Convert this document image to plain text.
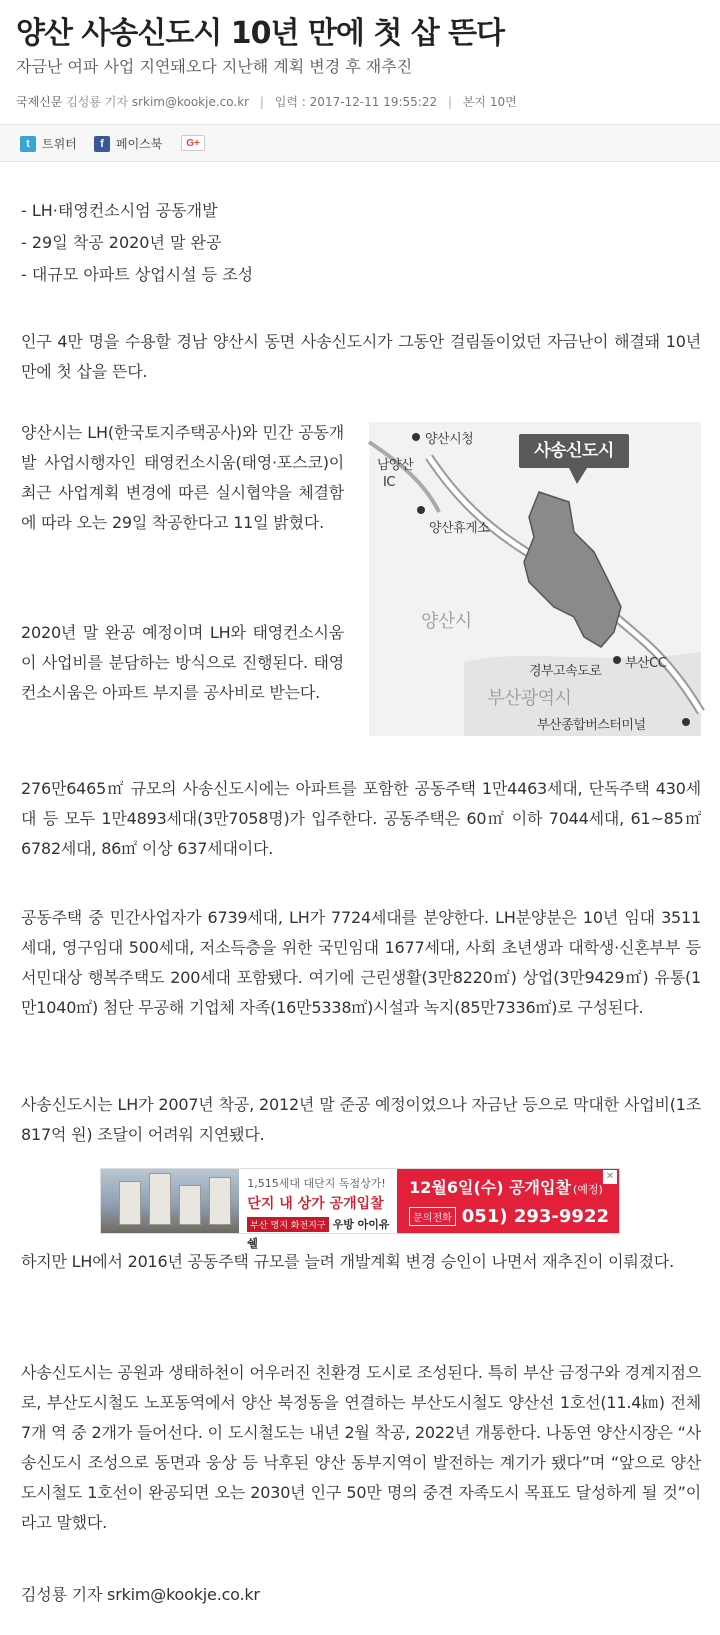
양산 사송신도시 10년 만에 첫 삽 뜬다
자금난 여파 사업 지연돼오다 지난해 계획 변경 후 재추진
국제신문 김성룡 기자 srkim@kookje.co.kr | 입력 : 2017-12-11 19:55:22 | 본지 10면
t	트위터	f	페이스북	G+
- LH·태영컨소시엄 공동개발
- 29일 착공 2020년 말 완공
- 대규모 아파트 상업시설 등 조성
인구 4만 명을 수용할 경남 양산시 동면 사송신도시가 그동안 걸림돌이었던 자금난이 해결돼 10년 만에 첫 삽을 뜬다.
양산시는 LH(한국토지주택공사)와 민간 공동개발 사업시행자인 태영컨소시움(태영·포스코)이 최근 사업계획 변경에 따른 실시협약을 체결함에 따라 오는 29일 착공한다고 11일 밝혔다.
2020년 말 완공 예정이며 LH와 태영컨소시움이 사업비를 분담하는 방식으로 진행된다. 태영컨소시움은 아파트 부지를 공사비로 받는다.
사송신도시
양산시청
남양산
IC
양산휴게소
양산시
부산CC
경부고속도로
부산광역시
부산종합버스터미널
276만6465㎡ 규모의 사송신도시에는 아파트를 포함한 공동주택 1만4463세대, 단독주택 430세대 등 모두 1만4893세대(3만7058명)가 입주한다. 공동주택은 60㎡ 이하 7044세대, 61~85㎡ 6782세대, 86㎡ 이상 637세대이다.
공동주택 중 민간사업자가 6739세대, LH가 7724세대를 분양한다. LH분양분은 10년 임대 3511세대, 영구임대 500세대, 저소득층을 위한 국민임대 1677세대, 사회 초년생과 대학생·신혼부부 등 서민대상 행복주택도 200세대 포함됐다. 여기에 근린생활(3만8220㎡) 상업(3만9429㎡) 유통(1만1040㎡) 첨단 무공해 기업체 자족(16만5338㎡)시설과 녹지(85만7336㎡)로 구성된다.
사송신도시는 LH가 2007년 착공, 2012년 말 준공 예정이었으나 자금난 등으로 막대한 사업비(1조817억 원) 조달이 어려워 지연됐다.
1,515세대 대단지 독점상가!
단지 내 상가 공개입찰
부산 명지 화전지구 우방 아이유쉘
12월6일(수) 공개입찰 (예정)
문의전화 051) 293-9922
✕
하지만 LH에서 2016년 공동주택 규모를 늘려 개발계획 변경 승인이 나면서 재추진이 이뤄졌다.
사송신도시는 공원과 생태하천이 어우러진 친환경 도시로 조성된다. 특히 부산 금정구와 경계지점으로, 부산도시철도 노포동역에서 양산 북정동을 연결하는 부산도시철도 양산선 1호선(11.4㎞) 전체 7개 역 중 2개가 들어선다. 이 도시철도는 내년 2월 착공, 2022년 개통한다. 나동연 양산시장은 “사송신도시 조성으로 동면과 웅상 등 낙후된 양산 동부지역이 발전하는 계기가 됐다”며 “앞으로 양산도시철도 1호선이 완공되면 오는 2030년 인구 50만 명의 중견 자족도시 목표도 달성하게 될 것”이라고 말했다.
김성룡 기자 srkim@kookje.co.kr
